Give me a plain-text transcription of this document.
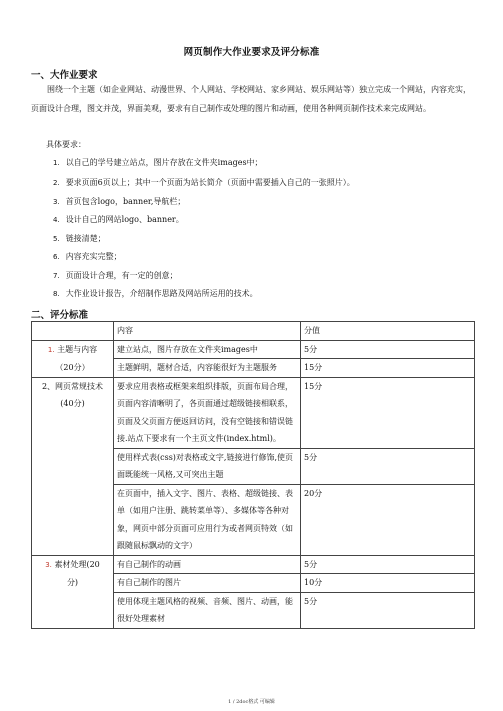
网页制作大作业要求及评分标准
一、大作业要求
围绕一个主题（如企业网站、动漫世界、个人网站、学校网站、家乡网站、娱乐网站等）独立完成一个网站，内容充实，页面设计合理，图文并茂，界面美观，要求有自己制作或处理的图片和动画，使用各种网页制作技术来完成网站。
具体要求：
1. 以自己的学号建立站点，图片存放在文件夹images中；
2. 要求页面6页以上；其中一个页面为站长简介（页面中需要插入自己的一张照片）。
3. 首页包含logo，banner,导航栏；
4. 设计自己的网站logo、banner。
5. 链接清楚；
6. 内容充实完整；
7. 页面设计合理，有一定的创意；
8. 大作业设计报告，介绍制作思路及网站所运用的技术。
二、评分标准
	内容	分值

1. 主题与内容
（20分）	建立站点，图片存放在文件夹images中	5分
	主题鲜明，题材合适，内容能很好为主题服务	15分

2、网页常规技术
(40分)	要求应用表格或框架来组织排版，页面布局合理，页面内容清晰明了，各页面通过超级链接相联系，页面及父页面方便返回访问，没有空链接和错误链接.站点下要求有一个主页文件(index.html)。	15分
	使用样式表(css)对表格或文字,链接进行修饰,使页面既能统一风格,又可突出主题	5分
	在页面中，插入文字、图片、表格、超级链接、表单（如用户注册、跳转菜单等）、多媒体等各种对象，网页中部分页面可应用行为或者网页特效（如跟随鼠标飘动的文字）	20分

3. 素材处理(20
分)	有自己制作的动画	5分
	有自己制作的图片	10分
	使用体现主题风格的视频、音频、图片、动画，能很好处理素材	5分
1 / 2doc格式 可编辑
